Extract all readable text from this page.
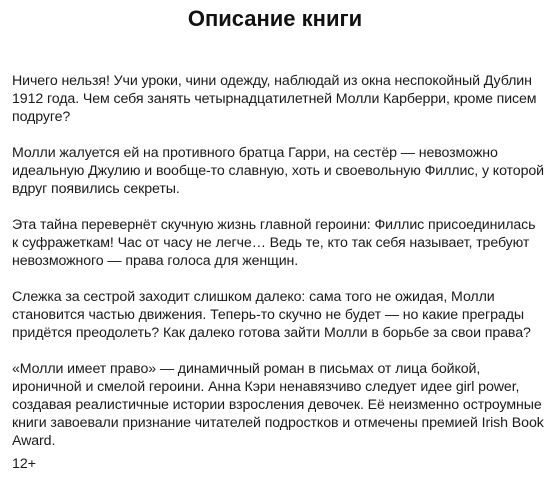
Описание книги

Ничего нельзя! Учи уроки, чини одежду, наблюдай из окна неспокойный Дублин 1912 года. Чем себя занять четырнадцатилетней Молли Карберри, кроме писем подруге?

Молли жалуется ей на противного братца Гарри, на сестёр — невозможно идеальную Джулию и вообще-то славную, хоть и своевольную Филлис, у которой вдруг появились секреты.

Эта тайна перевернёт скучную жизнь главной героини: Филлис присоединилась к суфражеткам! Час от часу не легче… Ведь те, кто так себя называет, требуют невозможного — права голоса для женщин.

Слежка за сестрой заходит слишком далеко: сама того не ожидая, Молли становится частью движения. Теперь-то скучно не будет — но какие преграды придётся преодолеть? Как далеко готова зайти Молли в борьбе за свои права?

«Молли имеет право» — динамичный роман в письмах от лица бойкой, ироничной и смелой героини. Анна Кэри ненавязчиво следует идее girl power, создавая реалистичные истории взросления девочек. Её неизменно остроумные книги завоевали признание читателей подростков и отмечены премией Irish Book Award.

12+
